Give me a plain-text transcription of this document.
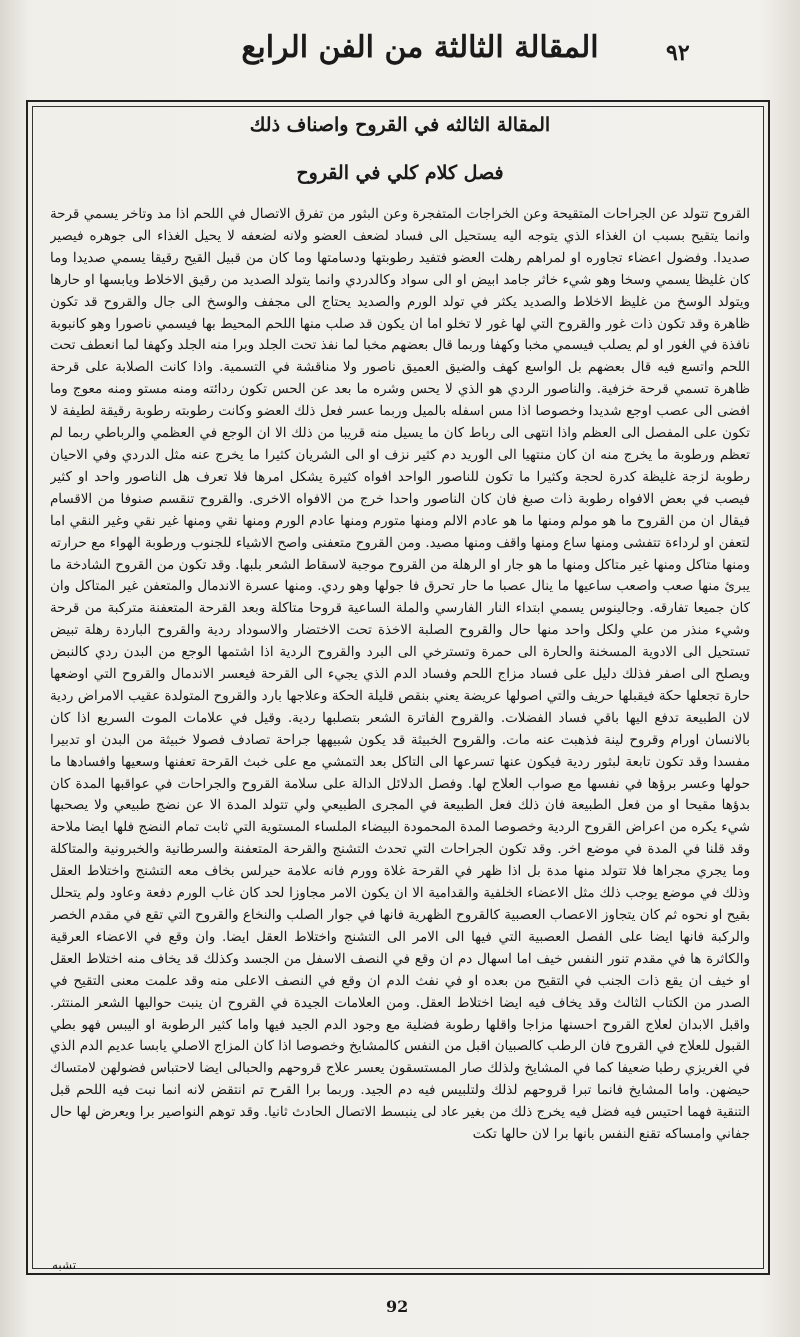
المقالة الثالثة من الفن الرابع	٩٢
المقالة الثالثه في القروح واصناف ذلك
فصل كلام كلي في القروح

القروح تتولد عن الجراحات المتقيحة وعن الخراجات المتفجرة وعن البثور من تفرق الاتصال في اللحم اذا مد وتاخر يسمي قرحة وانما يتقيح بسبب ان الغذاء الذي يتوجه اليه يستحيل الى فساد لضعف العضو ولانه لضعفه لا يحيل الغذاء الى جوهره فيصير صديدا. وفضول اعضاء تجاوره او لمراهم رهلت العضو فتفيد رطوبتها ودسامتها وما كان من قبيل القيح رقيقا يسمي صديدا وما كان غليظا يسمي وسخا وهو شيء خاثر جامد ابيض او الى سواد وكالدردي وانما يتولد الصديد من رقيق الاخلاط ويابسها او حارها ويتولد الوسخ من غليظ الاخلاط والصديد يكثر في تولد الورم والصديد يحتاج الى مجفف والوسخ الى جال والقروح قد تكون ظاهرة وقد تكون ذات غور والقروح التي لها غور لا تخلو اما ان يكون قد صلب منها اللحم المحيط بها فيسمي ناصورا وهو كانبوبة نافذة في الغور او لم يصلب فيسمي مخبا وكهفا وربما قال بعضهم مخبا لما نفذ تحت الجلد وبرا منه الجلد وكهفا لما انعطف تحت اللحم واتسع فيه قال بعضهم بل الواسع كهف والضيق العميق ناصور ولا مناقشة في التسمية. واذا كانت الصلابة على قرحة ظاهرة تسمي قرحة خزفية. والناصور الردي هو الذي لا يحس وشره ما بعد عن الحس تكون ردائته ومنه مستو ومنه معوج وما افضى الى عصب اوجع شديدا وخصوصا اذا مس اسفله بالميل وربما عسر فعل ذلك العضو وكانت رطوبته رطوبة رقيقة لطيفة لا تكون على المفصل الى العظم واذا انتهى الى رباط كان ما يسيل منه قريبا من ذلك الا ان الوجع في العظمي والرباطي ربما لم تعظم ورطوبة ما يخرج منه ان كان منتهيا الى الوريد دم كثير نزف او الى الشريان كثيرا ما يخرج عنه مثل الدردي وفي الاحيان رطوبة لزجة غليظة كدرة لحجة وكثيرا ما تكون للناصور الواحد افواه كثيرة يشكل امرها فلا تعرف هل الناصور واحد او كثير فيصب في بعض الافواه رطوبة ذات صبغ فان كان الناصور واحدا خرج من الافواه الاخرى. والقروح تنقسم صنوفا من الاقسام فيقال ان من القروح ما هو مولم ومنها ما هو عادم الالم ومنها متورم ومنها عادم الورم ومنها نقي ومنها غير نقي وغير النقي اما لتعفن او لرداءة تتفشى ومنها ساع ومنها واقف ومنها مصيد. ومن القروح متعفنى واصح الاشياء للجنوب ورطوبة الهواء مع حرارته ومنها متاكل ومنها غير متاكل ومنها ما هو جار او الرهلة من القروح موجبة لاسقاط الشعر بلبها. وقد تكون من القروح الشادخة ما يبرئ منها صعب واصعب ساعيها ما ينال عصبا ما حار تحرق فا جولها وهو ردي. ومنها عسرة الاندمال والمتعفن غير المتاكل وان كان جميعا تفارقه. وجالينوس يسمي ابتداء النار الفارسي والملة الساعية قروحا متاكلة وبعد القرحة المتعفنة متركبة من قرحة وشيء منذر من علي ولكل واحد منها حال والقروح الصلبة الاخذة تحت الاختضار والاسوداد ردية والقروح الباردة رهلة تبيض تستحيل الى الادوية المسخنة والحارة الى حمرة وتسترخي الى البرد والقروح الردية اذا اشتمها الوجع من البدن ردي كالنبض ويصلح الى اصفر فذلك دليل على فساد مزاج اللحم وفساد الدم الذي يجيء الى القرحة فيعسر الاندمال والقروح التي اوضعها حارة تجعلها حكة فيقبلها حريف والتي اصولها عريضة يعني بنقص قليلة الحكة وعلاجها بارد والقروح المتولدة عقيب الامراض ردية لان الطبيعة تدفع اليها باقي فساد الفضلات. والقروح الفاترة الشعر بتصلبها ردية. وقيل في علامات الموت السريع اذا كان بالانسان اورام وقروح لينة فذهبت عنه مات. والقروح الخبيثة قد يكون شبيهها جراحة تصادف فصولا خبيثة من البدن او تدبيرا مفسدا وقد تكون تابعة لبثور ردية فيكون عنها تسرعها الى التاكل بعد التمشي مع على خبث القرحة تعفنها وسعيها وافسادها ما حولها وعسر برؤها في نفسها مع صواب العلاج لها. وفصل الدلائل الدالة على سلامة القروح والجراحات في عواقبها المدة كان بدؤها مقيحا او من فعل الطبيعة فان ذلك فعل الطبيعة في المجرى الطبيعي ولي تتولد المدة الا عن نضج طبيعي ولا يصحبها شيء يكره من اعراض القروح الردية وخصوصا المدة المحمودة البيضاء الملساء المستوية التي ثابت تمام النضج فلها ايضا ملاحة وقد قلنا في المدة في موضع اخر. وقد تكون الجراحات التي تحدث التشنج والقرحة المتعفنة والسرطانية والخبرونية والمتاكلة وما يجري مجراها فلا تتولد منها مدة بل اذا ظهر في القرحة غلاة وورم فانه علامة حيرلس بخاف معه التشنج واختلاط العقل وذلك في موضع يوجب ذلك مثل الاعضاء الخلفية والقدامية الا ان يكون الامر مجاوزا لحد كان غاب الورم دفعة وعاود ولم يتحلل بقيح او نحوه ثم كان يتجاوز الاعصاب العصبية كالقروح الظهرية فانها في جوار الصلب والنخاع والقروح التي تقع في مقدم الخصر والركبة فانها ايضا على الفصل العصبية التي فيها الى الامر الى التشنج واختلاط العقل ايضا. وان وقع في الاعضاء العرقية والكاثرة ها في مقدم تنور النفس خيف اما اسهال دم ان وقع في النصف الاسفل من الجسد وكذلك قد يخاف منه اختلاط العقل او خيف ان يقع ذات الجنب في التقيح من بعده او في نفث الدم ان وقع في النصف الاعلى منه وقد علمت معنى التقيح في الصدر من الكتاب الثالث وقد يخاف فيه ايضا اختلاط العقل. ومن العلامات الجيدة في القروح ان ينبت حواليها الشعر المنتثر. واقبل الابدان لعلاج القروح احسنها مزاجا واقلها رطوبة فضلية مع وجود الدم الجيد فيها واما كثير الرطوبة او اليبس فهو بطي القبول للعلاج في القروح فان الرطب كالصبيان اقبل من النفس كالمشايخ وخصوصا اذا كان المزاج الاصلي يابسا عديم الدم الذي في الغريزي رطبا ضعيفا كما في المشايخ ولذلك صار المستسقون يعسر علاج قروحهم والحبالى ايضا لاحتباس فضولهن لامتساك حيضهن. واما المشايخ فانما تبرا قروحهم لذلك ولتلبيس فيه دم الجيد. وربما برا القرح تم انتقض لانه انما نبت فيه اللحم قبل التنقية فهما احتيس فيه فضل فيه يخرج ذلك من بغير عاد لى ينبسط الاتصال الحادث ثانيا. وقد توهم النواصير برا ويعرض لها حال جفاني وامساكه تقنع النفس بانها برا لان حالها تكت

تشبه
92
